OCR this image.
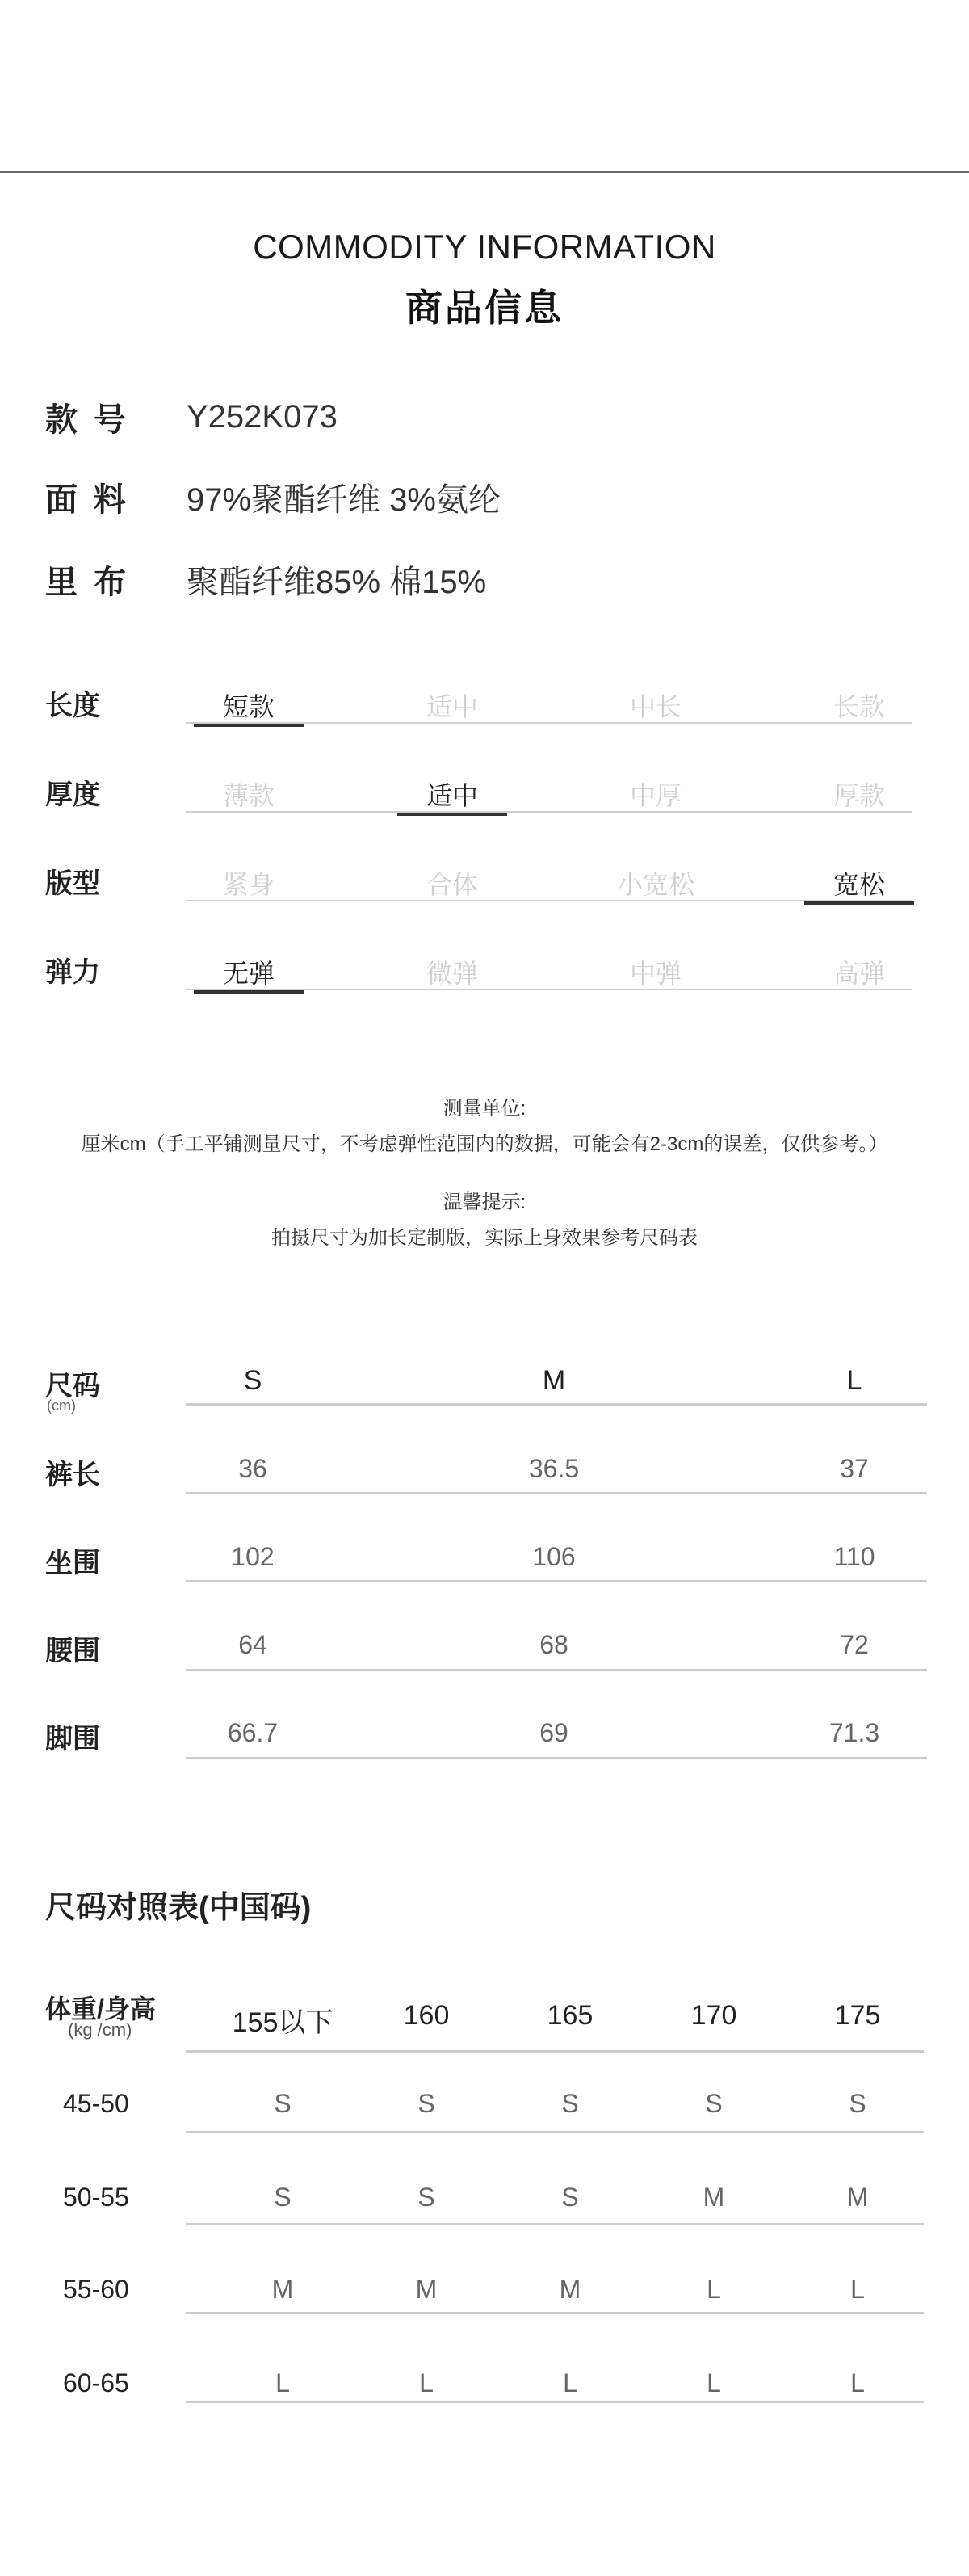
COMMODITY INFORMATION
商品信息
款号	Y252K073
面料	97%聚酯纤维 3%氨纶
里布	聚酯纤维85% 棉15%
长度	短款	适中	中长	长款
厚度	薄款	适中	中厚	厚款
版型	紧身	合体	小宽松	宽松
弹力	无弹	微弹	中弹	高弹
测量单位:
厘米cm（手工平铺测量尺寸，不考虑弹性范围内的数据，可能会有2-3cm的误差，仅供参考。）
温馨提示:
拍摄尺寸为加长定制版，实际上身效果参考尺码表
尺码
(cm)
S	M	L
裤长	36	36.5	37
坐围	102	106	110
腰围	64	68	72
脚围	66.7	69	71.3
尺码对照表(中国码)
体重/身高
(kg /cm)	155以下	160	165	170	175
45-50	S	S	S	S	S
50-55	S	S	S	M	M
55-60	M	M	M	L	L
60-65	L	L	L	L	L
